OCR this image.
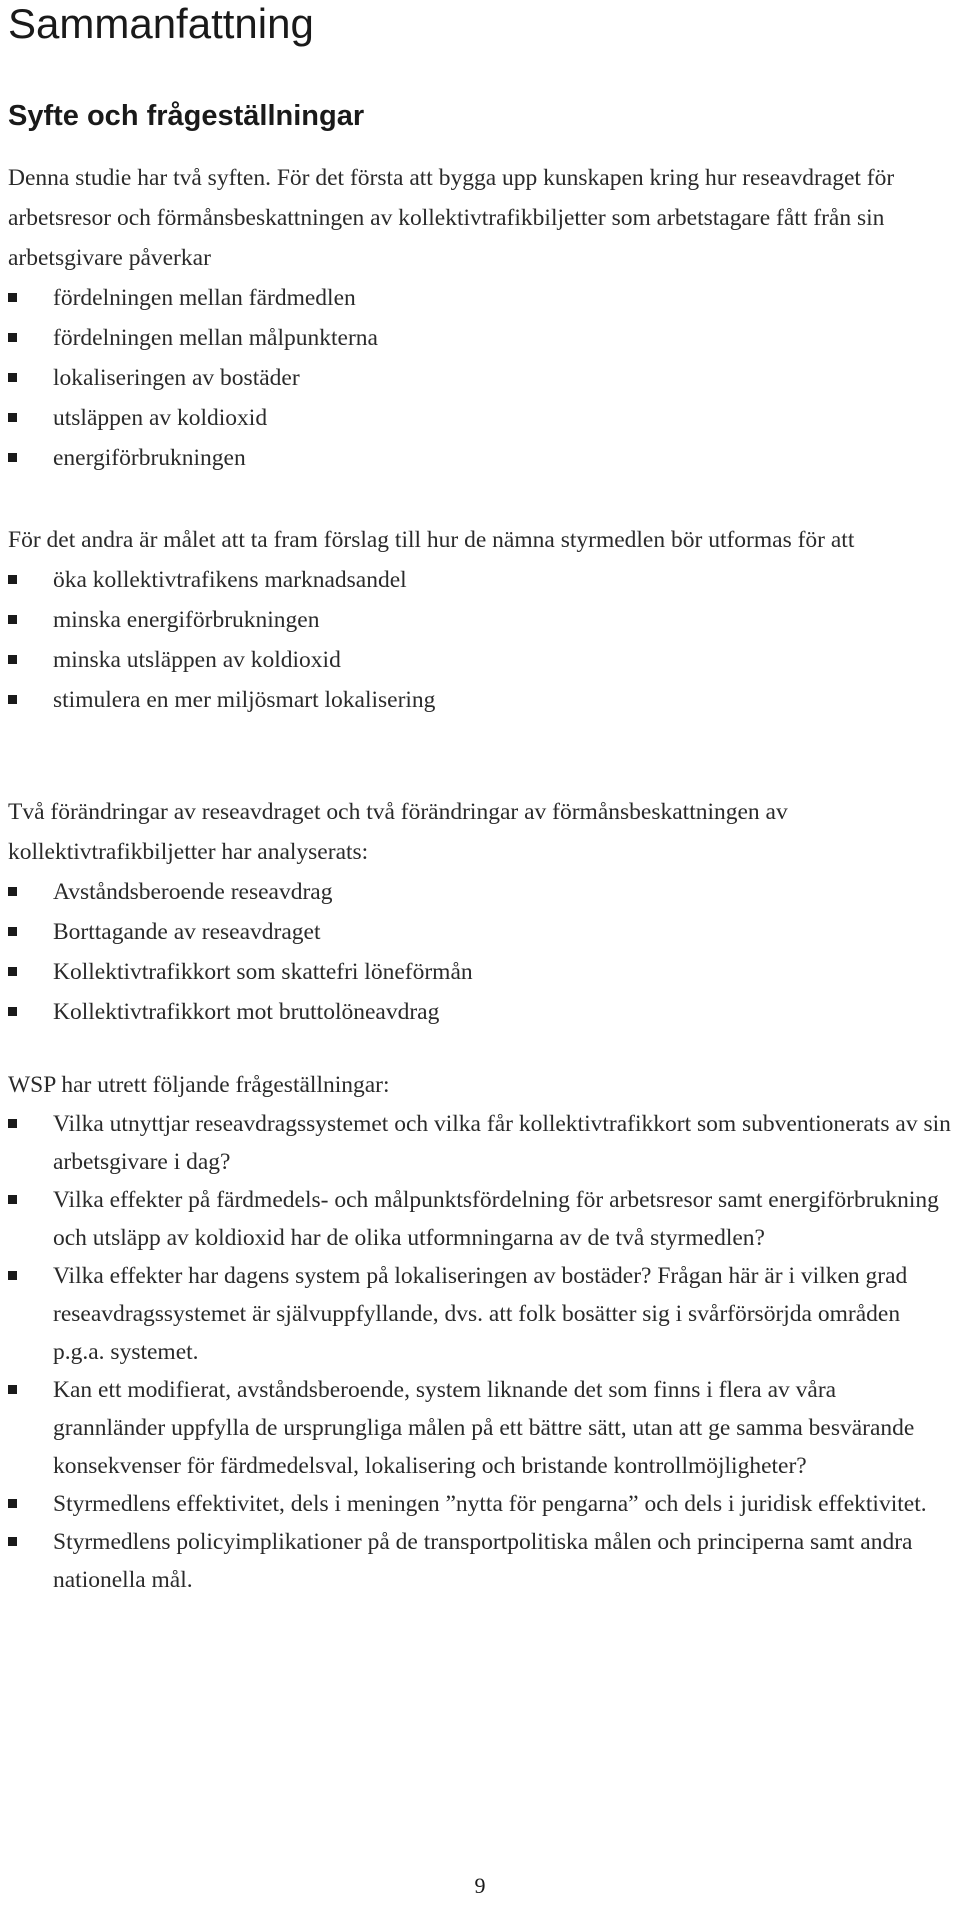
Sammanfattning
Syfte och frågeställningar

Denna studie har två syften. För det första att bygga upp kunskapen kring hur reseavdraget för arbetsresor och förmånsbeskattningen av kollektivtrafikbiljetter som arbetstagare fått från sin arbetsgivare påverkar

fördelningen mellan färdmedlen
fördelningen mellan målpunkterna
lokaliseringen av bostäder
utsläppen av koldioxid
energiförbrukningen

För det andra är målet att ta fram förslag till hur de nämna styrmedlen bör utformas för att

öka kollektivtrafikens marknadsandel
minska energiförbrukningen
minska utsläppen av koldioxid
stimulera en mer miljösmart lokalisering

Två förändringar av reseavdraget och två förändringar av förmånsbeskattningen av kollektivtrafikbiljetter har analyserats:

Avståndsberoende reseavdrag
Borttagande av reseavdraget
Kollektivtrafikkort som skattefri löneförmån
Kollektivtrafikkort mot bruttolöneavdrag

WSP har utrett följande frågeställningar:

Vilka utnyttjar reseavdragssystemet och vilka får kollektivtrafikkort som subventionerats av sin arbetsgivare i dag?
Vilka effekter på färdmedels- och målpunktsfördelning för arbetsresor samt energiförbrukning och utsläpp av koldioxid har de olika utformningarna av de två styrmedlen?
Vilka effekter har dagens system på lokaliseringen av bostäder? Frågan här är i vilken grad reseavdragssystemet är självuppfyllande, dvs. att folk bosätter sig i svårförsörjda områden p.g.a. systemet.
Kan ett modifierat, avståndsberoende, system liknande det som finns i flera av våra grannländer uppfylla de ursprungliga målen på ett bättre sätt, utan att ge samma besvärande konsekvenser för färdmedelsval, lokalisering och bristande kontrollmöjligheter?
Styrmedlens effektivitet, dels i meningen ”nytta för pengarna” och dels i juridisk effektivitet.
Styrmedlens policyimplikationer på de transportpolitiska målen och principerna samt andra nationella mål.
9
